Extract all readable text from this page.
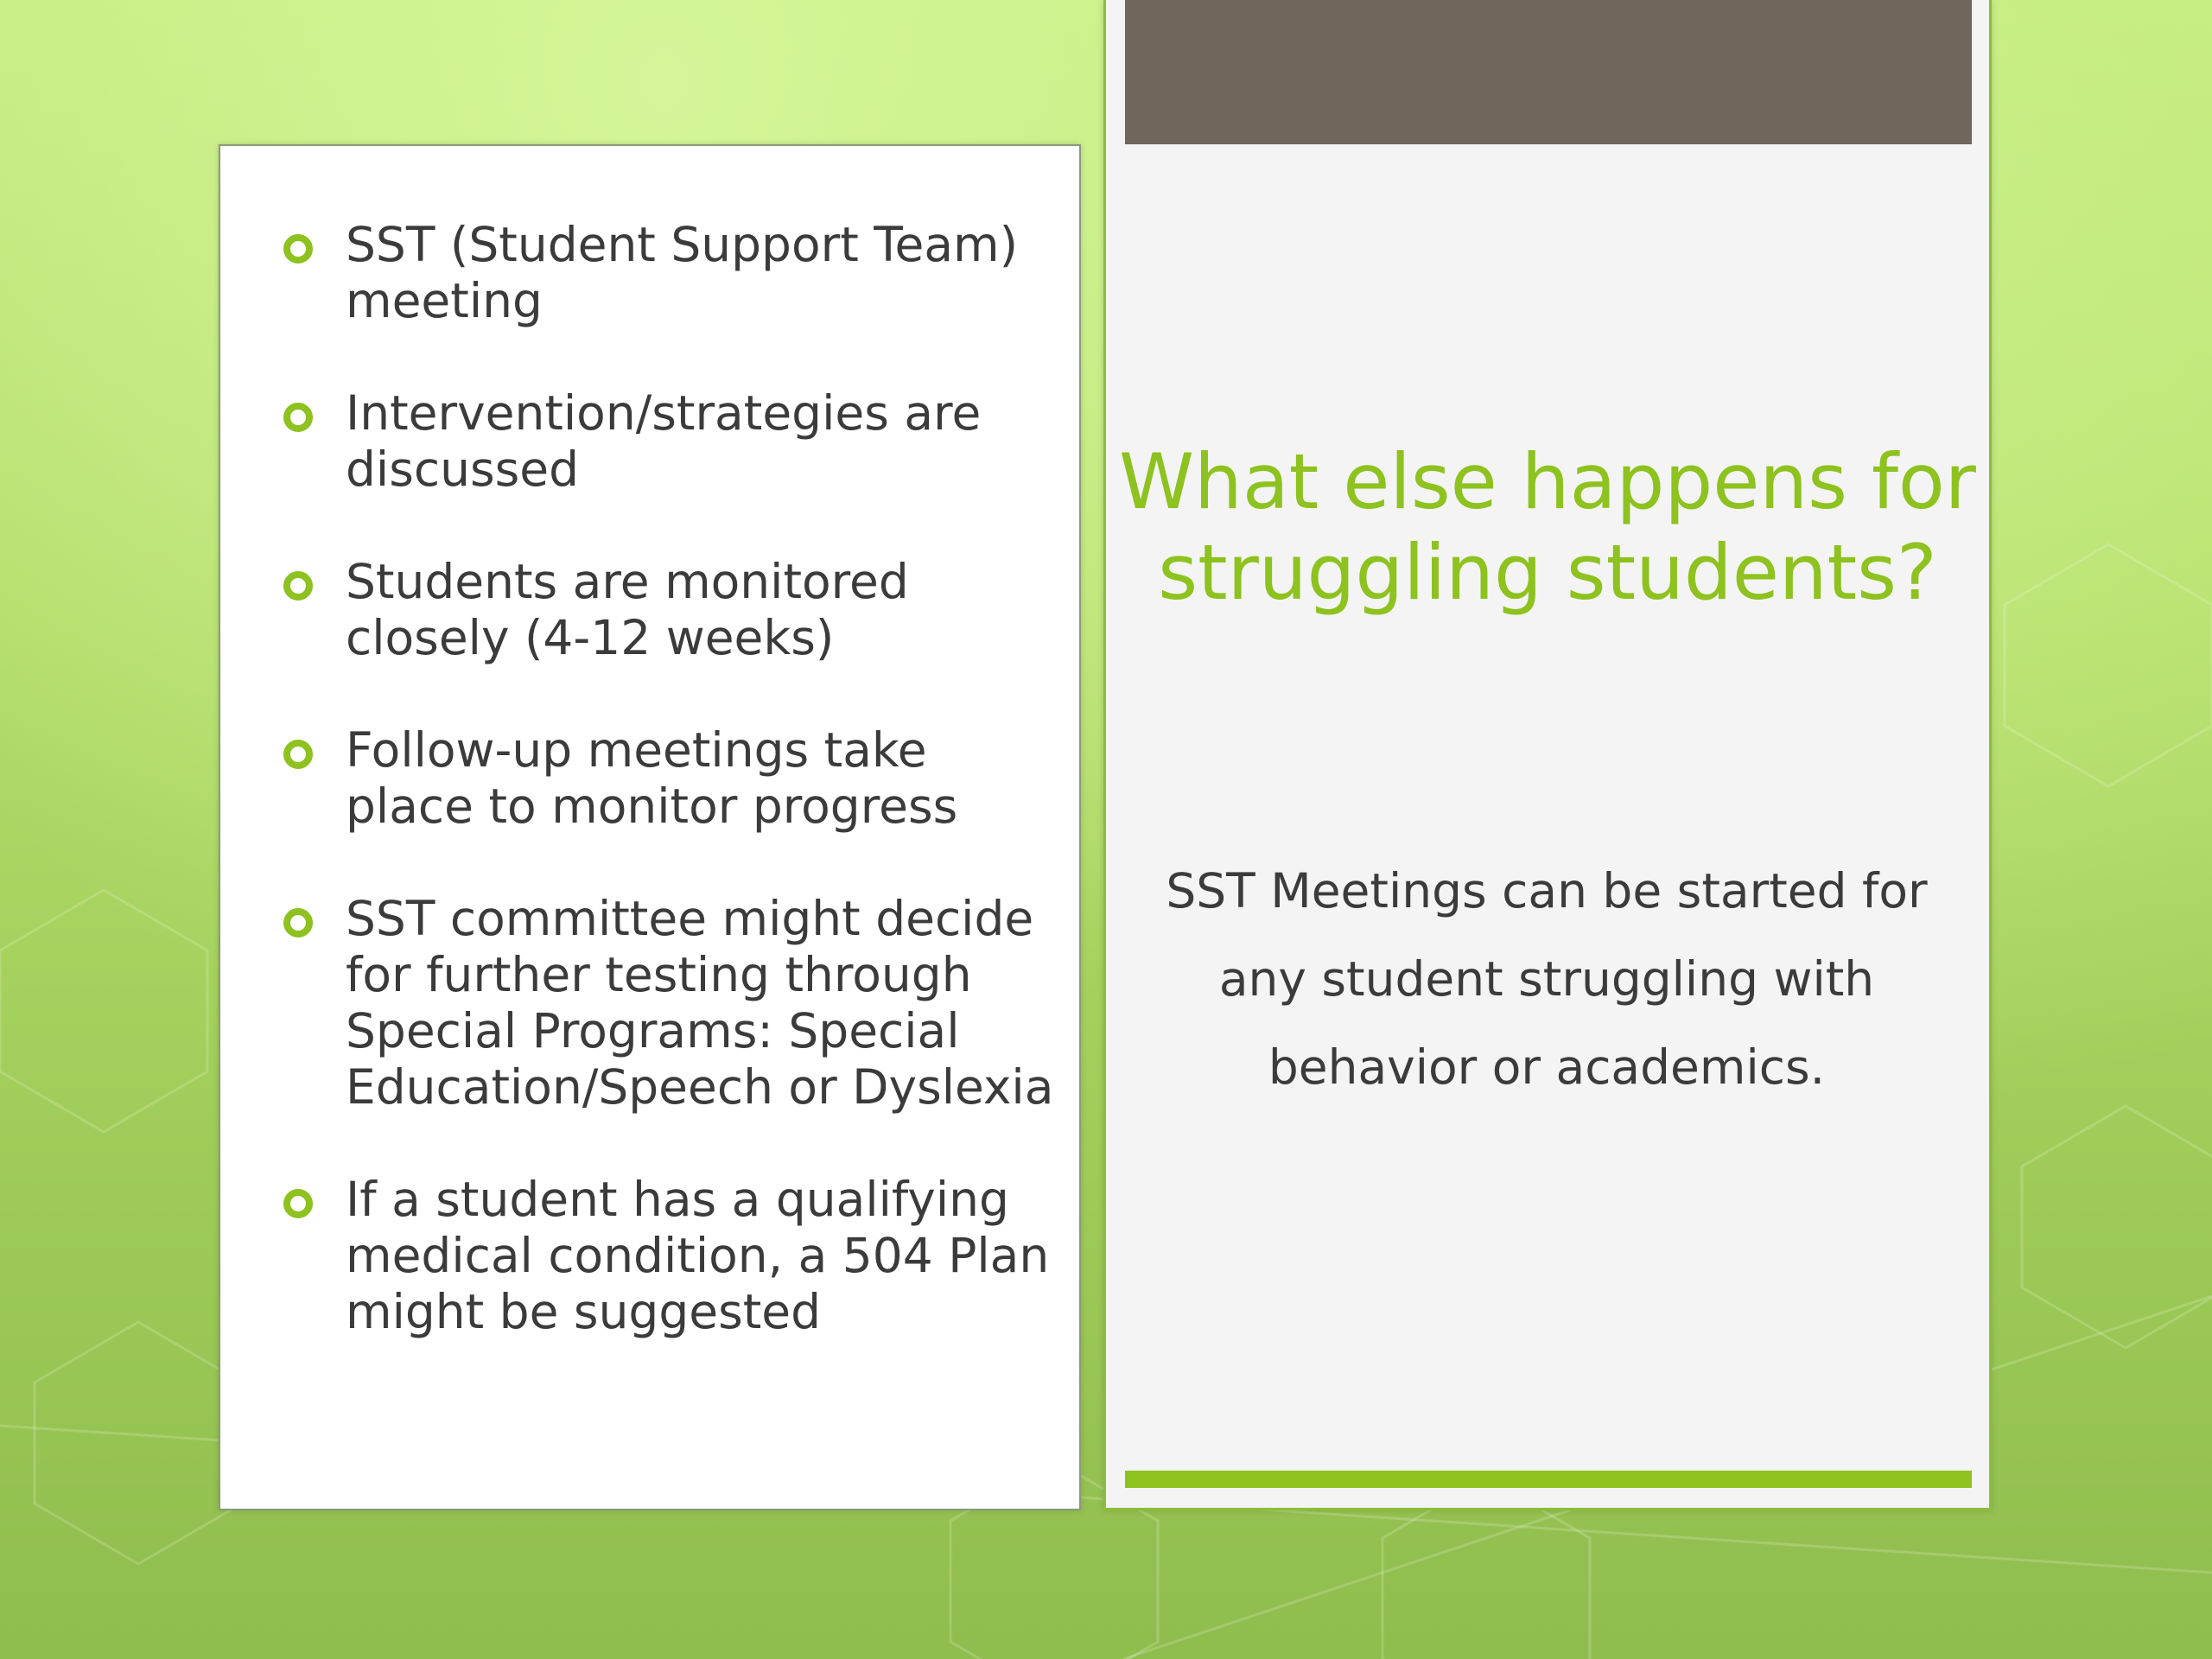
SST (Student Support Team) meeting
Intervention/strategies are discussed
Students are monitored closely (4-12 weeks)
Follow-up meetings take place to monitor progress
SST committee might decide for further testing through Special Programs: Special Education/Speech or Dyslexia
If a student has a qualifying medical condition, a 504 Plan might be suggested
What else happens for struggling students?

SST Meetings can be started for any student struggling with behavior or academics.
